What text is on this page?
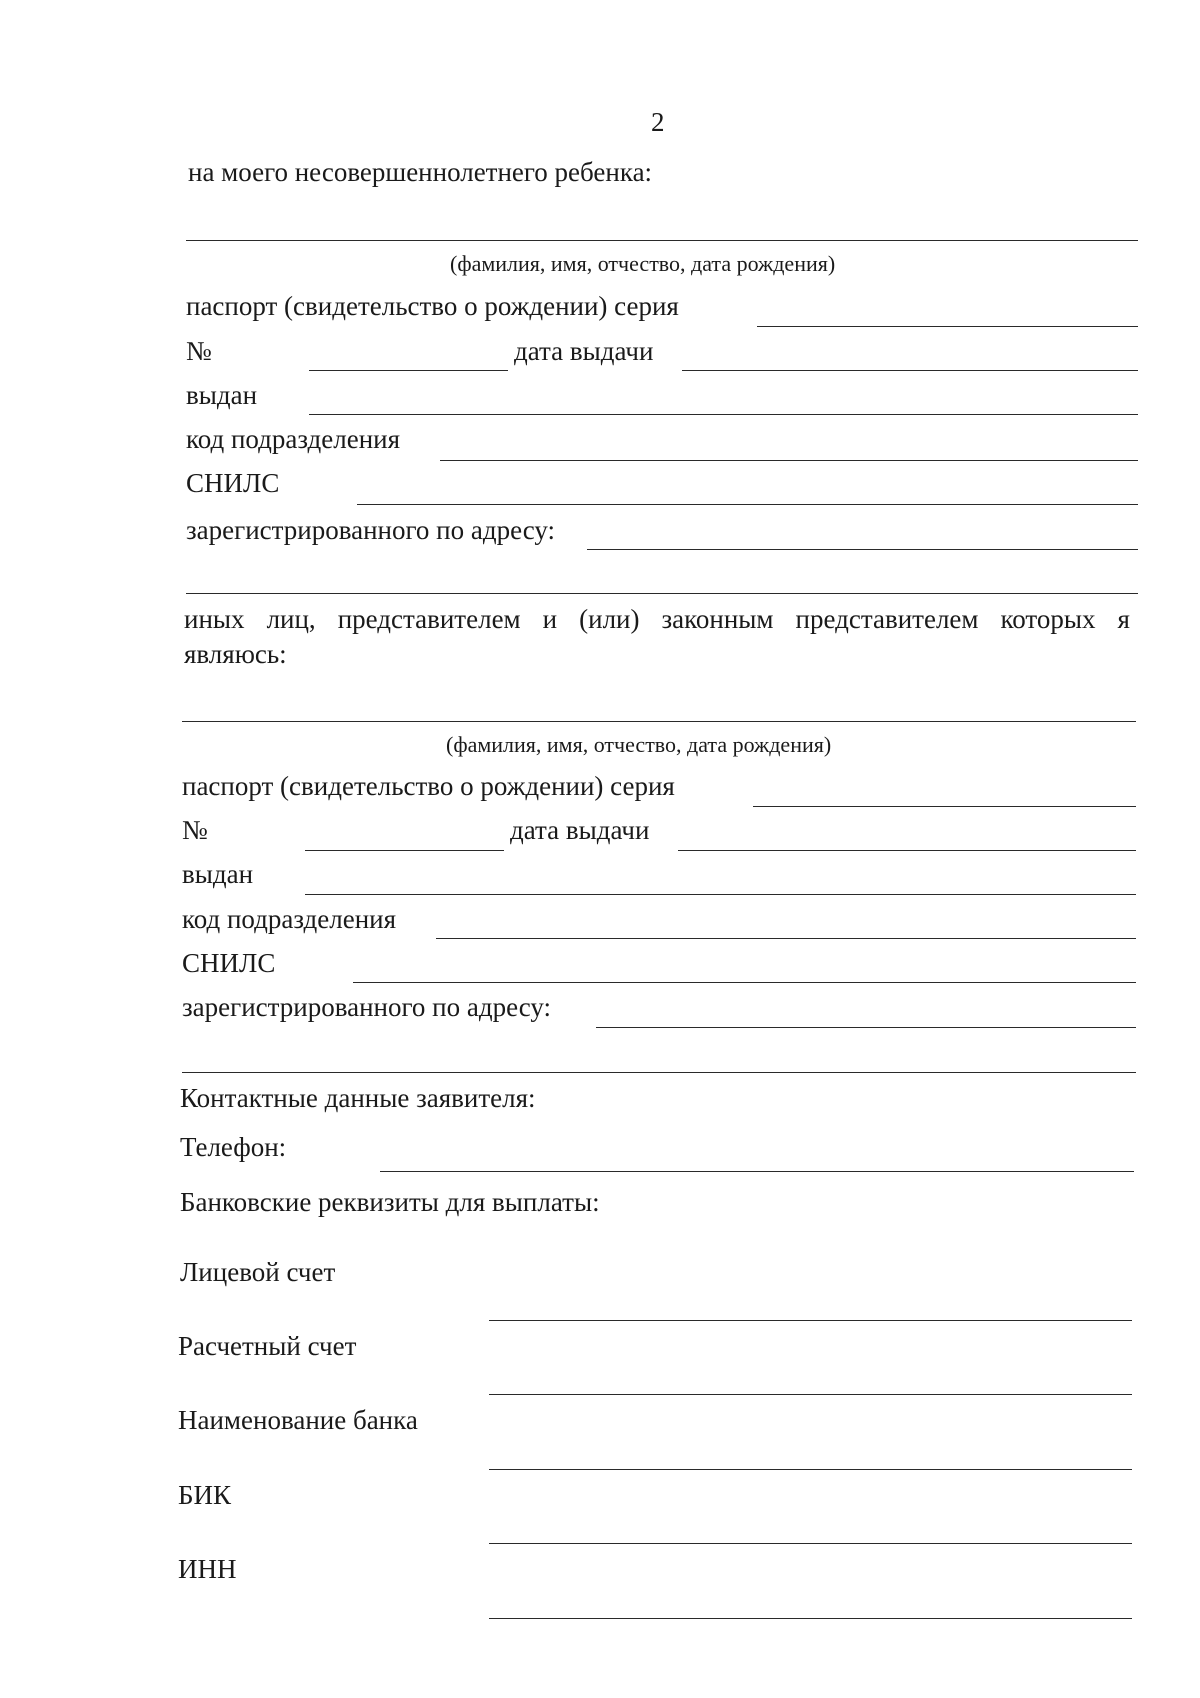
2
на моего несовершеннолетнего ребенка:
(фамилия, имя, отчество, дата рождения)
паспорт (свидетельство о рождении) серия
№	дата выдачи
выдан
код подразделения
СНИЛС
зарегистрированного по адресу:
иных лиц, представителем и (или) законным представителем которых я
являюсь:
(фамилия, имя, отчество, дата рождения)
паспорт (свидетельство о рождении) серия
№	дата выдачи
выдан
код подразделения
СНИЛС
зарегистрированного по адресу:
Контактные данные заявителя:
Телефон:
Банковские реквизиты для выплаты:
Лицевой счет
Расчетный счет
Наименование банка
БИК
ИНН
